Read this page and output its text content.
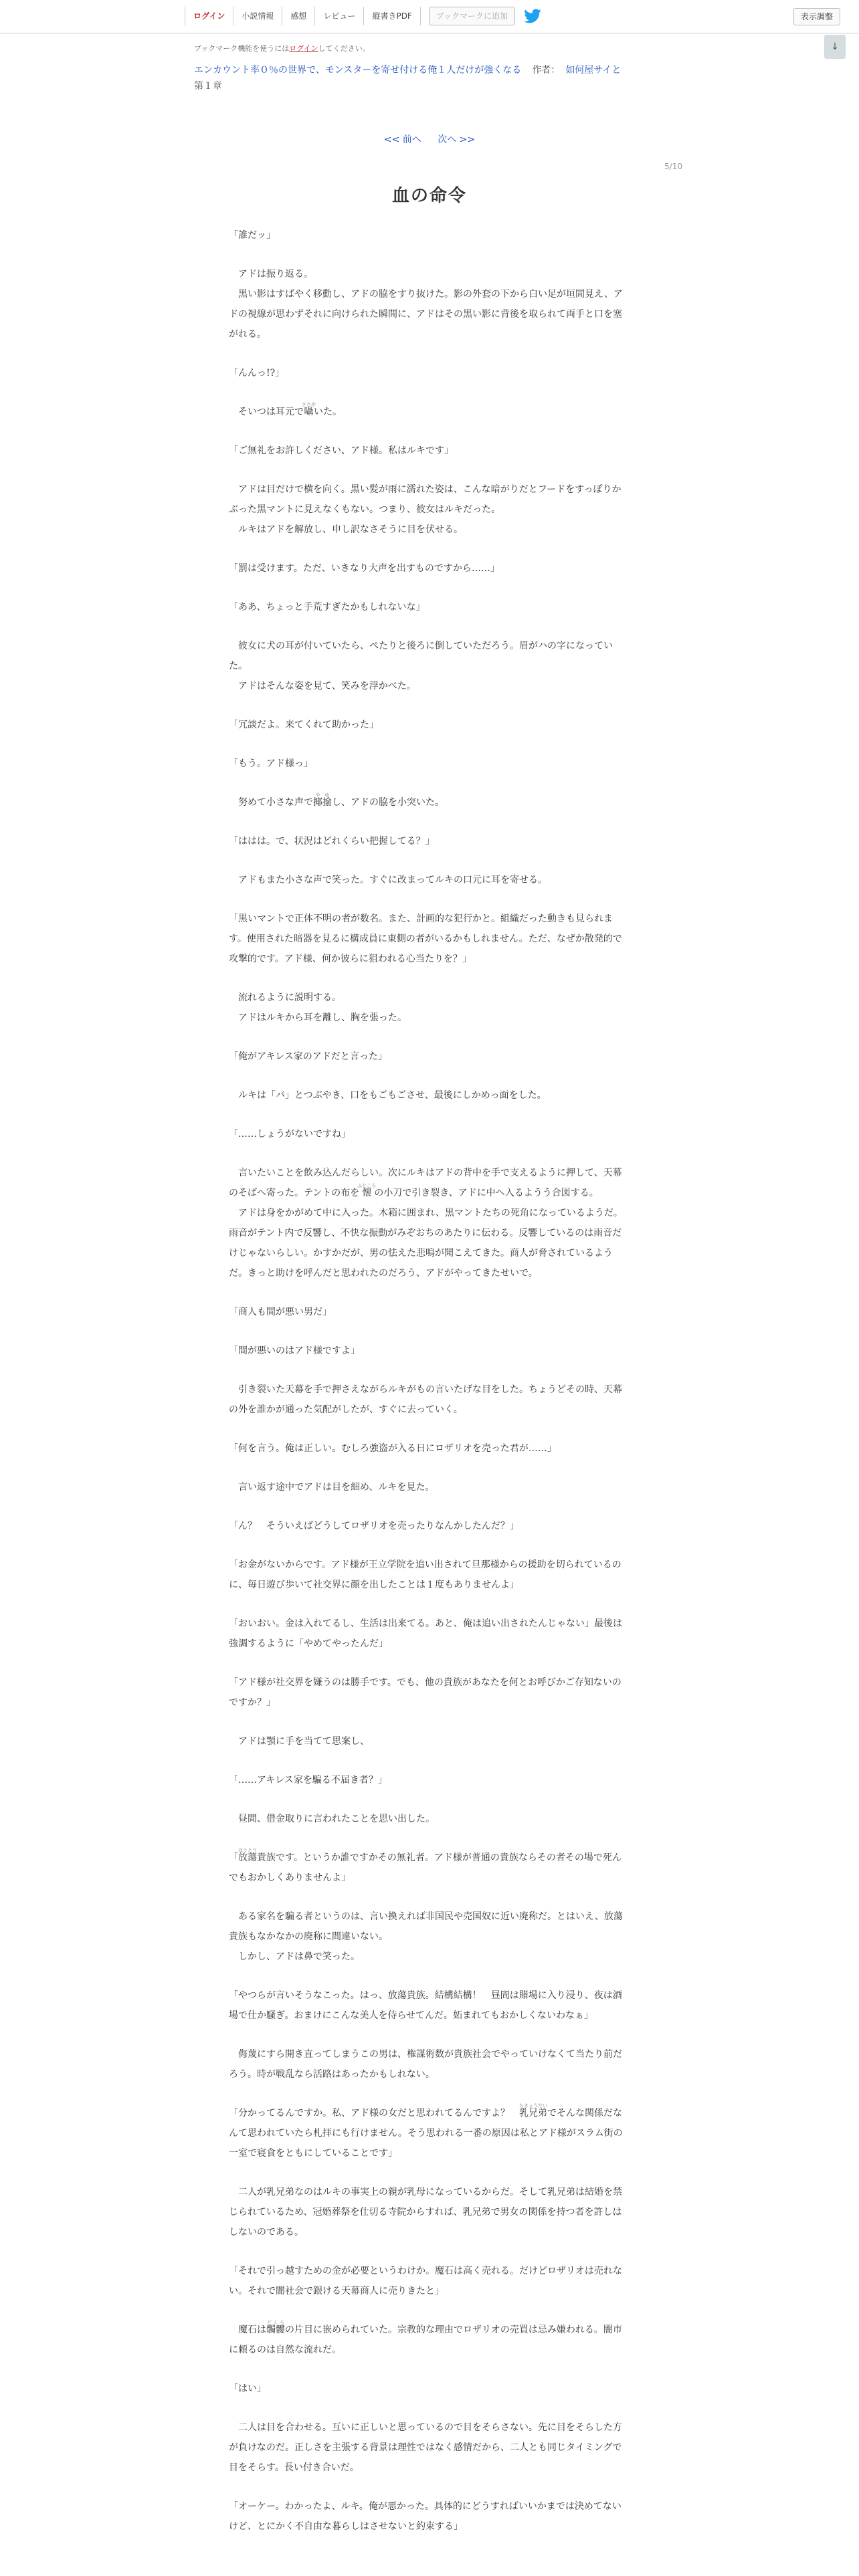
ログイン	小説情報	感想	レビュー	縦書きPDF	ブックマークに追加	表示調整
↓

ブックマーク機能を使うにはログインしてください。

エンカウント率０％の世界で、モンスターを寄せ付ける俺１人だけが強くなる 作者： 如何屋サイと

第１章

<< 前へ 次へ >>
5/10
血の命令

「誰だッ」

　アドは振り返る。

　黒い影はすばやく移動し、アドの脇をすり抜けた。影の外套の下から白い足が垣間見え、アドの視線が思わずそれに向けられた瞬間に、アドはその黒い影に背後を取られて両手と口を塞がれる。

「んんっ!?」

　そいつは耳元で囁ささやいた。

「ご無礼をお許しください、アド様。私はルキです」

　アドは目だけで横を向く。黒い髪が雨に濡れた姿は、こんな暗がりだとフードをすっぽりかぶった黒マントに見えなくもない。つまり、彼女はルキだった。

　ルキはアドを解放し、申し訳なさそうに目を伏せる。

「罰は受けます。ただ、いきなり大声を出すものですから……」

「ああ、ちょっと手荒すぎたかもしれないな」

　彼女に犬の耳が付いていたら、ぺたりと後ろに倒していただろう。眉がハの字になっていた。

　アドはそんな姿を見て、笑みを浮かべた。

「冗談だよ。来てくれて助かった」

「もう。アド様っ」

　努めて小さな声で揶揄やゆし、アドの脇を小突いた。

「ははは。で、状況はどれくらい把握してる？」

　アドもまた小さな声で笑った。すぐに改まってルキの口元に耳を寄せる。

「黒いマントで正体不明の者が数名。また、計画的な犯行かと。組織だった動きも見られます。使用された暗器を見るに構成員に東側の者がいるかもしれません。ただ、なぜか散発的で攻撃的です。アド様、何か彼らに狙われる心当たりを？」

　流れるように説明する。

　アドはルキから耳を離し、胸を張った。

「俺がアキレス家のアドだと言った」

　ルキは「バ」とつぶやき、口をもごもごさせ、最後にしかめっ面をした。

「……しょうがないですね」

　言いたいことを飲み込んだらしい。次にルキはアドの背中を手で支えるように押して、天幕のそばへ寄った。テントの布を懐ふところの小刀で引き裂き、アドに中へ入るようう合図する。

　アドは身をかがめて中に入った。木箱に囲まれ、黒マントたちの死角になっているようだ。雨音がテント内で反響し、不快な振動がみぞおちのあたりに伝わる。反響しているのは雨音だけじゃないらしい。かすかだが、男の怯えた悲鳴が聞こえてきた。商人が脅されているようだ。きっと助けを呼んだと思われたのだろう、アドがやってきたせいで。

「商人も間が悪い男だ」

「間が悪いのはアド様ですよ」

　引き裂いた天幕を手で押さえながらルキがもの言いたげな目をした。ちょうどその時、天幕の外を誰かが通った気配がしたが、すぐに去っていく。

「何を言う。俺は正しい。むしろ強盗が入る日にロザリオを売った君が……」

　言い返す途中でアドは目を細め、ルキを見た。

「ん？　そういえばどうしてロザリオを売ったりなんかしたんだ？」

「お金がないからです。アド様が王立学院を追い出されて旦那様からの援助を切られているのに、毎日遊び歩いて社交界に顔を出したことは１度もありませんよ」

「おいおい。金は入れてるし、生活は出来てる。あと、俺は追い出されたんじゃない」最後は強調するように「やめてやったんだ」

「アド様が社交界を嫌うのは勝手です。でも、他の貴族があなたを何とお呼びかご存知ないのですか？」

　アドは顎に手を当てて思案し、

「……アキレス家を騙る不届き者？」

　昼間、借金取りに言われたことを思い出した。

「放蕩ほうとう貴族です。というか誰ですかその無礼者。アド様が普通の貴族ならその者その場で死んでもおかしくありませんよ」

　ある家名を騙る者というのは、言い換えれば非国民や売国奴に近い廃称だ。とはいえ、放蕩貴族もなかなかの廃称に間違いない。

　しかし、アドは鼻で笑った。

「やつらが言いそうなこった。はっ、放蕩貴族。結構結構！　昼間は賭場に入り浸り、夜は酒場で仕か騒ぎ。おまけにこんな美人を侍らせてんだ。妬まれてもおかしくないわなぁ」

　侮蔑にすら開き直ってしまうこの男は、権謀術数が貴族社会でやっていけなくて当たり前だろう。時が戦乱なら活路はあったかもしれない。

「分かってるんですか。私、アド様の女だと思われてるんですよ？　乳兄弟ちきょうだいでそんな関係だなんて思われていたら札拝にも行けません。そう思われる一番の原因は私とアド様がスラム街の一室で寝食をともにしていることです」

　二人が乳兄弟なのはルキの事実上の親が乳母になっているからだ。そして乳兄弟は結婚を禁じられているため、冠婚葬祭を仕切る寺院からすれば、乳兄弟で男女の関係を持つ者を許しはしないのである。

「それで引っ越すための金が必要というわけか。魔石は高く売れる。だけどロザリオは売れない。それで闇社会で銀ける天幕商人に売りきたと」

　魔石は髑髏どくろの片目に嵌められていた。宗教的な理由でロザリオの売買は忌み嫌われる。闇市に頼るのは自然な流れだ。

「はい」

　二人は目を合わせる。互いに正しいと思っているので目をそらさない。先に目をそらした方が負けなのだ。正しさを主張する背景は理性ではなく感情だから、二人とも同じタイミングで目をそらす。長い付き合いだ。

「オーケー。わかったよ、ルキ。俺が悪かった。具体的にどうすればいいかまでは決めてないけど、とにかく不自由な暮らしはさせないと約束する」
